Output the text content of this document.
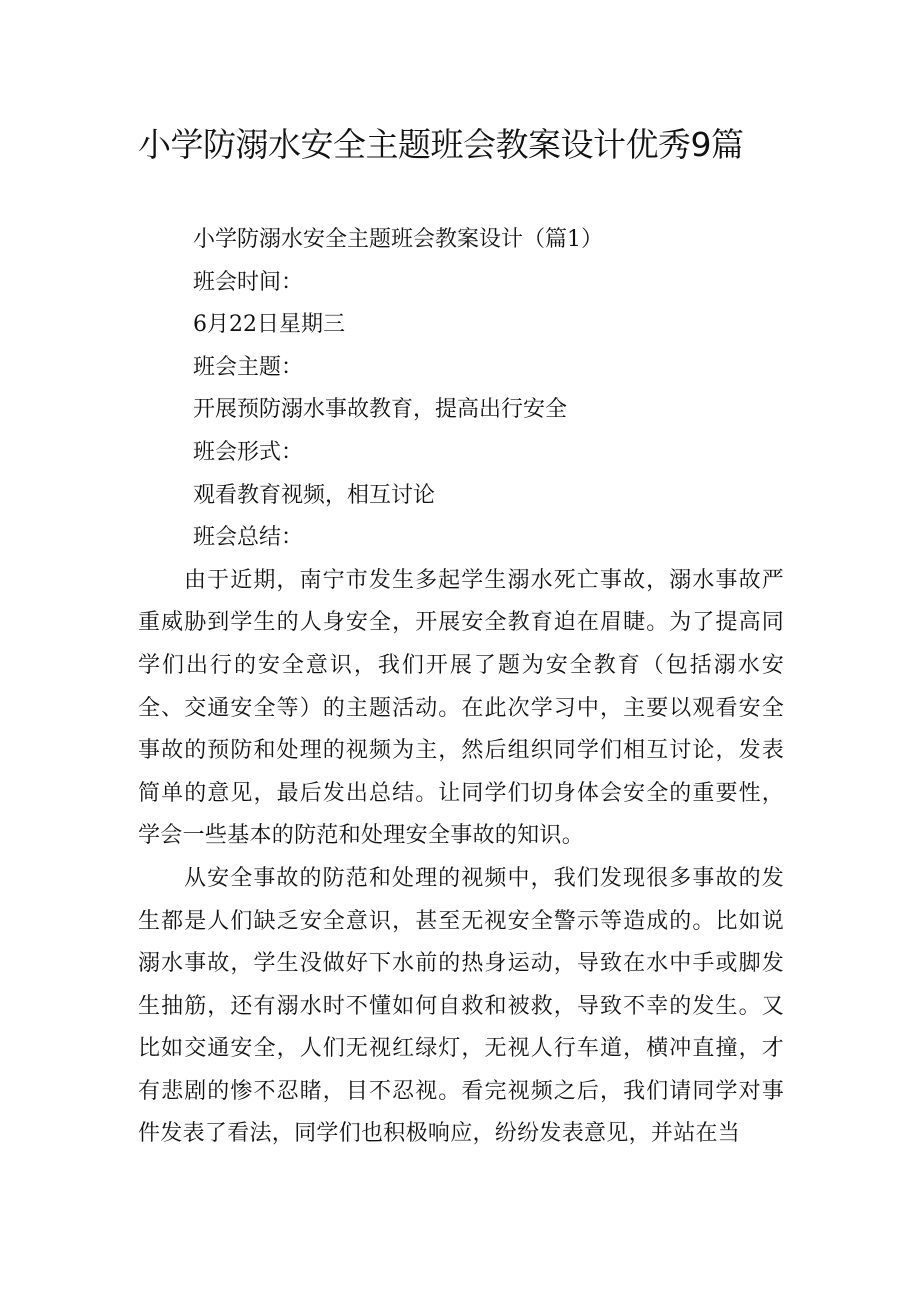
小学防溺水安全主题班会教案设计优秀9篇

小学防溺水安全主题班会教案设计（篇1）

班会时间：

6月22日星期三

班会主题：

开展预防溺水事故教育，提高出行安全

班会形式：

观看教育视频，相互讨论

班会总结：

由于近期，南宁市发生多起学生溺水死亡事故，溺水事故严重威胁到学生的人身安全，开展安全教育迫在眉睫。为了提高同学们出行的安全意识，我们开展了题为安全教育（包括溺水安全、交通安全等）的主题活动。在此次学习中，主要以观看安全事故的预防和处理的视频为主，然后组织同学们相互讨论，发表简单的意见，最后发出总结。让同学们切身体会安全的重要性，学会一些基本的防范和处理安全事故的知识。

从安全事故的防范和处理的视频中，我们发现很多事故的发生都是人们缺乏安全意识，甚至无视安全警示等造成的。比如说溺水事故，学生没做好下水前的热身运动，导致在水中手或脚发生抽筋，还有溺水时不懂如何自救和被救，导致不幸的发生。又比如交通安全，人们无视红绿灯，无视人行车道，横冲直撞，才有悲剧的惨不忍睹，目不忍视。看完视频之后，我们请同学对事件发表了看法，同学们也积极响应，纷纷发表意见，并站在当
